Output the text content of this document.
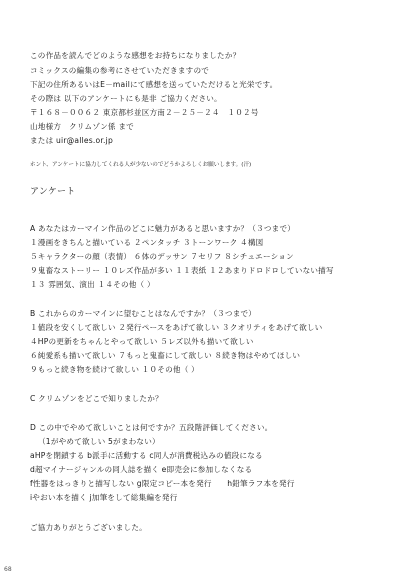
この作品を読んでどのような感想をお持ちになりましたか？
コミックスの編集の参考にさせていただきますので
下記の住所あるいはE－mailにて感想を送っていただけると光栄です。
その際は 以下のアンケートにも是非 ご協力ください。
〒１６８－００６２ 東京都杉並区方南２－２５－２４　１０２号
山地様方　クリムゾン係 まで
または uir@alles.or.jp
ホント、アンケートに協力してくれる人が少ないのでどうかよろしくお願いします。(汗)
アンケート
A あなたはカーマイン作品のどこに魅力があると思いますか？（３つまで）
１漫画をきちんと描いている ２ペンタッチ ３トーンワーク ４構図
５キャラクターの顔（表情） ６体のデッサン ７セリフ ８シチュエーション
９鬼畜なストーリー １０レズ作品が多い １１表紙 １２あまりドロドロしていない描写
１３ 雰囲気、演出 １４その他（ ）
B これからのカーマインに望むことはなんですか？（３つまで）
１値段を安くして欲しい ２発行ペースをあげて欲しい ３クオリティをあげて欲しい
４HPの更新をちゃんとやって欲しい ５レズ以外も描いて欲しい
６純愛系も描いて欲しい ７もっと鬼畜にして欲しい ８続き物はやめてほしい
９もっと続き物を続けて欲しい １０その他（ ）
C クリムゾンをどこで知りましたか？
D この中でやめて欲しいことは何ですか？五段階評価してください。
（1がやめて欲しい 5がまわない）
aHPを閉鎖する b派手に活動する c同人が消費税込みの値段になる
d超マイナージャンルの同人誌を描く e即売会に参加しなくなる
f性器をはっきりと描写しない g限定コピー本を発行　　h鉛筆ラフ本を発行
iやおい本を描く j加筆をして総集編を発行
ご協力ありがとうございました。
68
